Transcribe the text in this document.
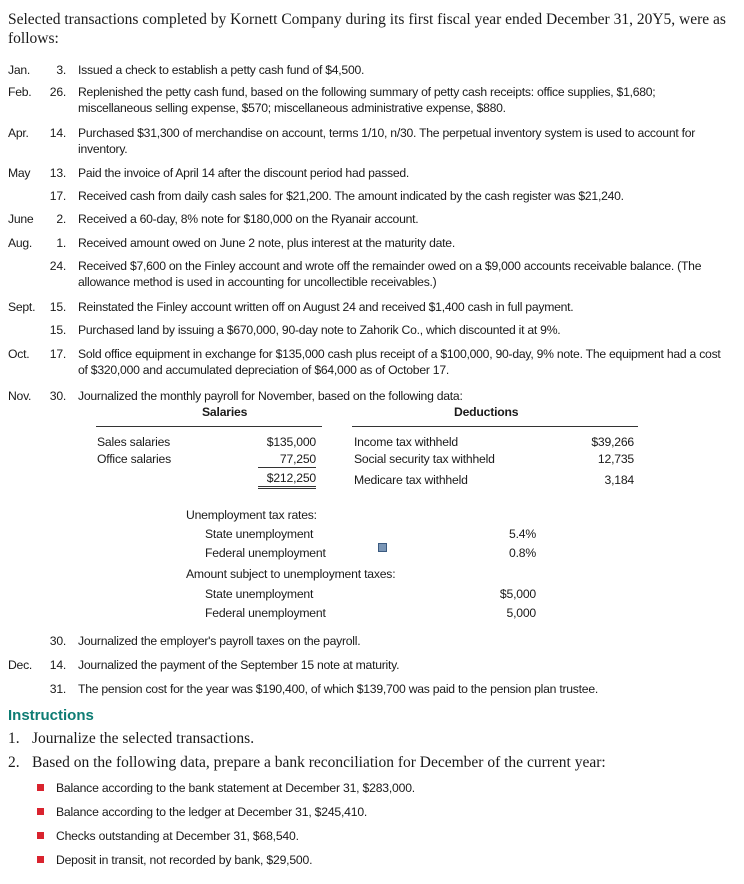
Selected transactions completed by Kornett Company during its first fiscal year ended December 31, 20Y5, were as follows:
Jan. 3. Issued a check to establish a petty cash fund of $4,500.
Feb. 26. Replenished the petty cash fund, based on the following summary of petty cash receipts: office supplies, $1,680; miscellaneous selling expense, $570; miscellaneous administrative expense, $880.
Apr. 14. Purchased $31,300 of merchandise on account, terms 1/10, n/30. The perpetual inventory system is used to account for inventory.
May 13. Paid the invoice of April 14 after the discount period had passed.
17. Received cash from daily cash sales for $21,200. The amount indicated by the cash register was $21,240.
June 2. Received a 60-day, 8% note for $180,000 on the Ryanair account.
Aug. 1. Received amount owed on June 2 note, plus interest at the maturity date.
24. Received $7,600 on the Finley account and wrote off the remainder owed on a $9,000 accounts receivable balance. (The allowance method is used in accounting for uncollectible receivables.)
Sept. 15. Reinstated the Finley account written off on August 24 and received $1,400 cash in full payment.
15. Purchased land by issuing a $670,000, 90-day note to Zahorik Co., which discounted it at 9%.
Oct. 17. Sold office equipment in exchange for $135,000 cash plus receipt of a $100,000, 90-day, 9% note. The equipment had a cost of $320,000 and accumulated depreciation of $64,000 as of October 17.
Nov. 30. Journalized the monthly payroll for November, based on the following data:
Salaries	Deductions
Sales salaries	$135,000
Office salaries	77,250
$212,250
Income tax withheld	$39,266
Social security tax withheld	12,735
Medicare tax withheld	3,184
Unemployment tax rates:
State unemployment	5.4%
Federal unemployment	0.8%
Amount subject to unemployment taxes:
State unemployment	$5,000
Federal unemployment	5,000
30. Journalized the employer's payroll taxes on the payroll.
Dec. 14. Journalized the payment of the September 15 note at maturity.
31. The pension cost for the year was $190,400, of which $139,700 was paid to the pension plan trustee.
Instructions
1. Journalize the selected transactions.
2. Based on the following data, prepare a bank reconciliation for December of the current year:
Balance according to the bank statement at December 31, $283,000.
Balance according to the ledger at December 31, $245,410.
Checks outstanding at December 31, $68,540.
Deposit in transit, not recorded by bank, $29,500.
